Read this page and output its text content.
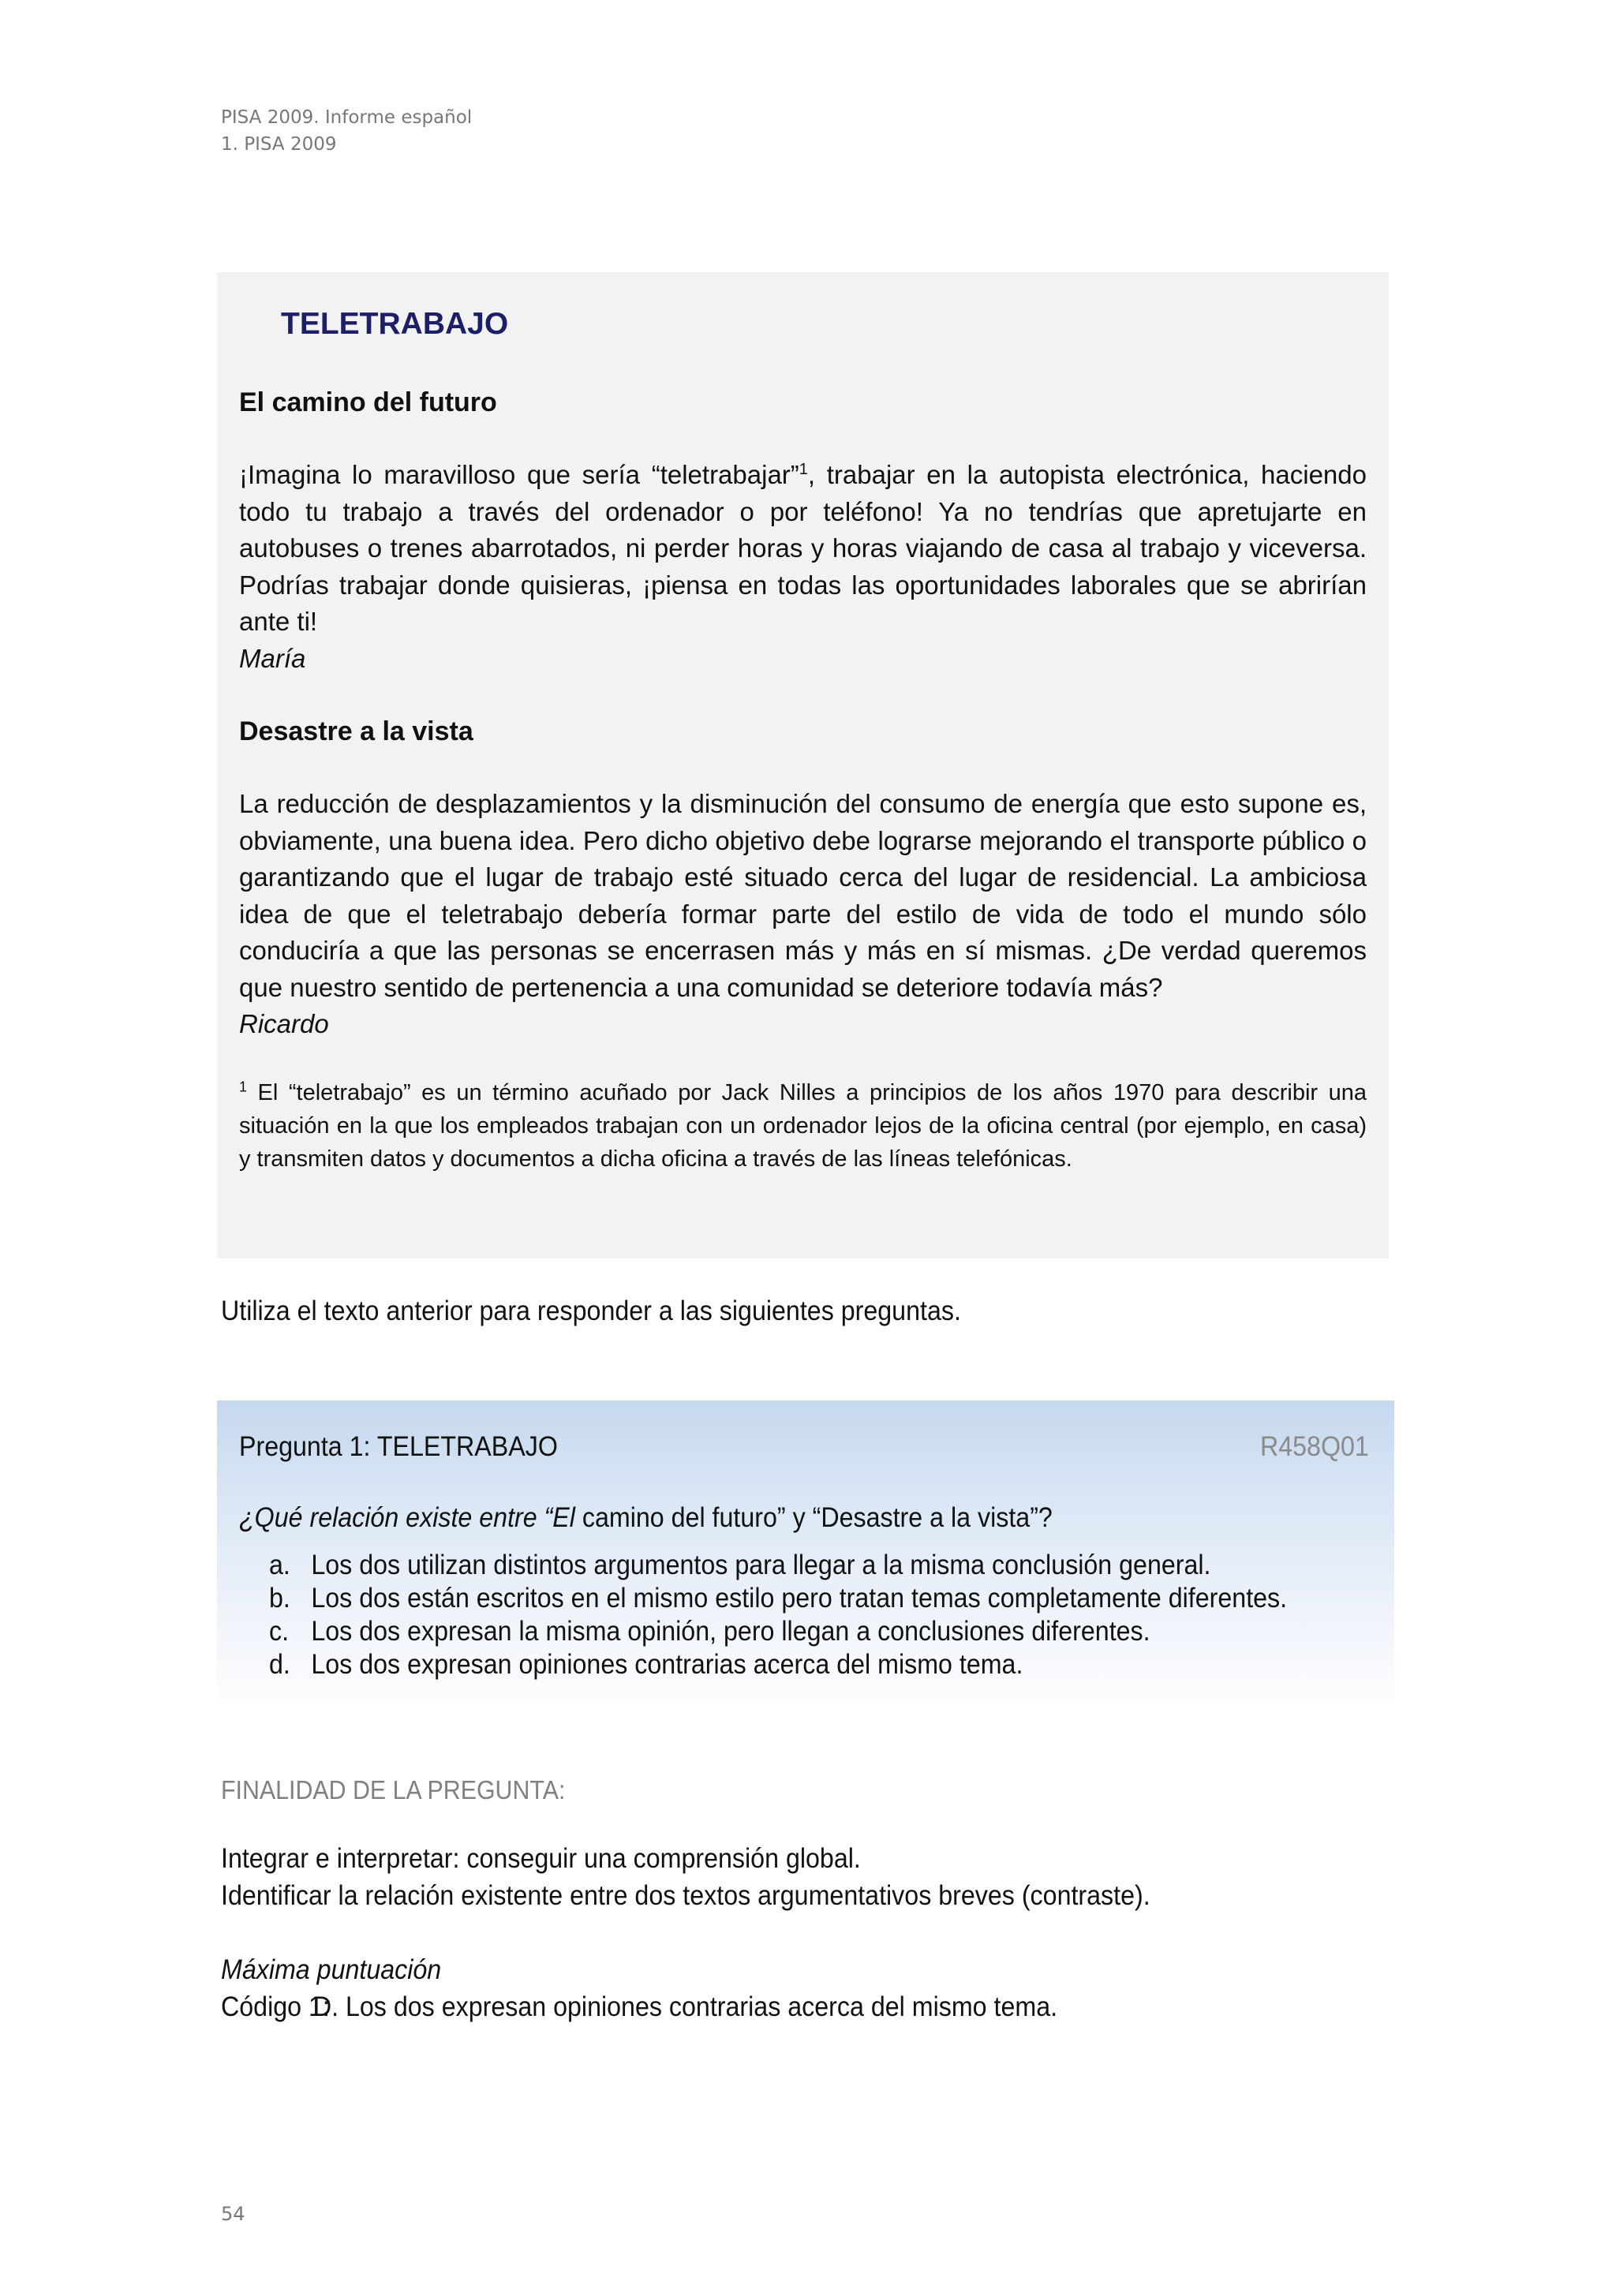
PISA 2009. Informe español
1. PISA 2009
TELETRABAJO
El camino del futuro
¡Imagina lo maravilloso que sería “teletrabajar”$^1$, trabajar en la autopista electrónica, haciendo todo tu trabajo a través del ordenador o por teléfono! Ya no tendrías que apretujarte en autobuses o trenes abarrotados, ni perder horas y horas viajando de casa al trabajo y viceversa. Podrías trabajar donde quisieras, ¡piensa en todas las oportunidades laborales que se abrirían ante ti!
María
Desastre a la vista
La reducción de desplazamientos y la disminución del consumo de energía que esto supone es, obviamente, una buena idea. Pero dicho objetivo debe lograrse mejorando el transporte público o garantizando que el lugar de trabajo esté situado cerca del lugar de residencial. La ambiciosa idea de que el teletrabajo debería formar parte del estilo de vida de todo el mundo sólo conduciría a que las personas se encerrasen más y más en sí mismas. ¿De verdad queremos que nuestro sentido de pertenencia a una comunidad se deteriore todavía más?
Ricardo
$^1$ El “teletrabajo” es un término acuñado por Jack Nilles a principios de los años 1970 para describir una situación en la que los empleados trabajan con un ordenador lejos de la oficina central (por ejemplo, en casa) y transmiten datos y documentos a dicha oficina a través de las líneas telefónicas.
Utiliza el texto anterior para responder a las siguientes preguntas.
Pregunta 1: TELETRABAJO	R458Q01
¿Qué relación existe entre “El camino del futuro” y “Desastre a la vista”?
a. Los dos utilizan distintos argumentos para llegar a la misma conclusión general.
b. Los dos están escritos en el mismo estilo pero tratan temas completamente diferentes.
c. Los dos expresan la misma opinión, pero llegan a conclusiones diferentes.
d. Los dos expresan opiniones contrarias acerca del mismo tema.
FINALIDAD DE LA PREGUNTA:
Integrar e interpretar: conseguir una comprensión global.
Identificar la relación existente entre dos textos argumentativos breves (contraste).
Máxima puntuación
Código 1:D. Los dos expresan opiniones contrarias acerca del mismo tema.
54
